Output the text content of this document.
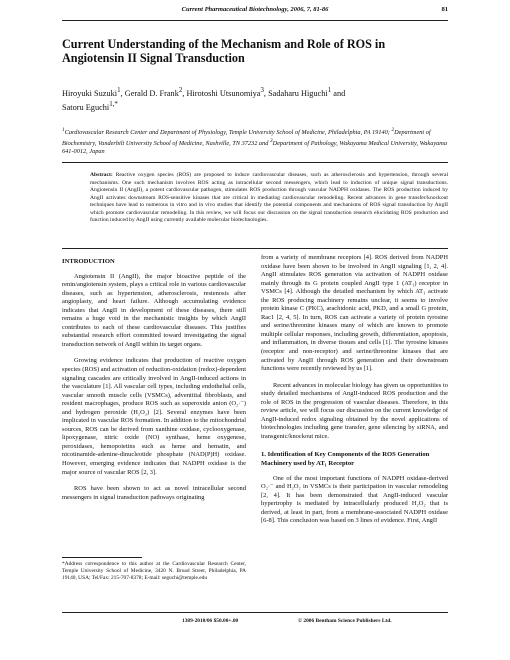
Current Pharmaceutical Biotechnology, 2006, 7, 81-86	81
Current Understanding of the Mechanism and Role of ROS in Angiotensin II Signal Transduction
Hiroyuki Suzuki$^1$, Gerald D. Frank$^2$, Hirotoshi Utsunomiya$^3$, Sadaharu Higuchi$^1$ and
Satoru Eguchi$^{1,*}$
$^1$Cardiovascular Research Center and Department of Physiology, Temple University School of Medicine, Philadelphia, PA 19140; $^2$Department of Biochemistry, Vanderbilt University School of Medicine, Nashville, TN 37232 and $^3$Department of Pathology, Wakayama Medical University, Wakayama 641-0012, Japan
Abstract: Reactive oxygen species (ROS) are proposed to induce cardiovascular diseases, such as atherosclerosis and hypertension, through several mechanisms. One such mechanism involves ROS acting as intracellular second messengers, which lead to induction of unique signal transductions. Angiotensin II (AngII), a potent cardiovascular pathogen, stimulates ROS production through vascular NADPH oxidases. The ROS production induced by AngII activates downstream ROS-sensitive kinases that are critical in mediating cardiovascular remodeling. Recent advances in gene transfer/knockout techniques have lead to numerous in vitro and in vivo studies that identify the potential components and mechanisms of ROS signal transduction by AngII which promote cardiovascular remodeling. In this review, we will focus our discussion on the signal transduction research elucidating ROS production and function induced by AngII using currently available molecular biotechnologies.
INTRODUCTION

Angiotensin II (AngII), the major bioactive peptide of the renin/angiotensin system, plays a critical role in various cardiovascular diseases, such as hypertension, atherosclerosis, restenosis after angioplasty, and heart failure. Although accumulating evidence indicates that AngII in development of these diseases, there still remains a huge void in the mechanistic insights by which AngII contributes to each of these cardiovascular diseases. This justifies substantial research effort committed toward investigating the signal transduction network of AngII within its target organs.

Growing evidence indicates that production of reactive oxygen species (ROS) and activation of reduction-oxidation (redox)-dependent signaling cascades are critically involved in AngII-induced actions in the vasculature [1]. All vascular cell types, including endothelial cells, vascular smooth muscle cells (VSMCs), adventitial fibroblasts, and resident macrophages, produce ROS such as superoxide anion (O₂·⁻) and hydrogen peroxide (H₂O₂) [2]. Several enzymes have been implicated in vascular ROS formation. In addition to the mitochondrial sources, ROS can be derived from xanthine oxidase, cyclooxygenase, lipoxygenase, nitric oxide (NO) synthase, heme oxygenese, peroxidases, hemopoietins such as heme and hematin, and nicotinamide-adenine-dinucleotide phosphate (NAD(P)H) oxidase. However, emerging evidence indicates that NADPH oxidase is the major source of vascular ROS [2, 3].

ROS have been shown to act as novel intracellular second messengers in signal transduction pathways originating

from a variety of membrane receptors [4]. ROS derived from NADPH oxidase have been shown to be involved in AngII signaling [1, 2, 4]. AngII stimulates ROS generation via activation of NADPH oxidase mainly through its G protein coupled AngII type 1 (AT₁) receptor in VSMCs [4]. Although the detailed mechanism by which AT₁ activate the ROS producing machinery remains unclear, it seems to involve protein kinase C (PKC), arachidonic acid, PKD, and a small G protein, Rac1 [2, 4, 5]. In turn, ROS can activate a variety of protein tyrosine and serine/threonine kinases many of which are known to promote multiple cellular responses, including growth, differentiation, apoptosis, and inflammation, in diverse tissues and cells [1]. The tyrosine kinases (receptor and non-receptor) and serine/threonine kinases that are activated by AngII through ROS generation and their downstream functions were recently reviewed by us [1].

Recent advances in molecular biology has given us opportunities to study detailed mechanisms of AngII-induced ROS production and the role of ROS in the progression of vascular diseases. Therefore, in this review article, we will focus our discussion on the current knowledge of AngII-induced redox signaling obtained by the novel applications of biotechnologies including gene transfer, gene silencing by siRNA, and transgenic/knockout mice.

1. Identification of Key Components of the ROS Generation Machinery used by AT₁ Receptor

One of the most important functions of NADPH oxidase-derived O₂·⁻ and H₂O₂ in VSMCs is their participation in vascular remodeling [2, 4]. It has been demonstrated that AngII-induced vascular hypertrophy is mediated by intracellularly produced H₂O₂ that is derived, at least in part, from a membrane-associated NADPH oxidase [6-8]. This conclusion was based on 3 lines of evidence. First, AngII

*Address correspondence to this author at the Cardiovascular Research Center, Temple University School of Medicine, 3420 N. Broad Street, Philadelphia, PA 19140, USA; Tel/Fax: 215-707-8378; E-mail: seguchi@temple.edu
1389-2010/06 $50.00+.00	© 2006 Bentham Science Publishers Ltd.
